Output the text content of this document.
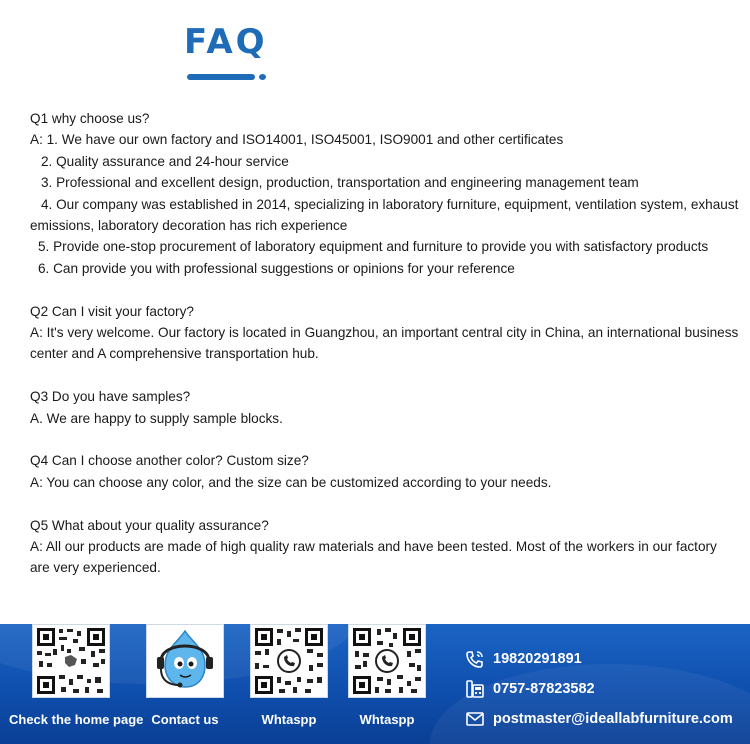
FAQ
Q1 why choose us?
A: 1. We have our own factory and ISO14001, ISO45001, ISO9001 and other certificates
2. Quality assurance and 24-hour service
3. Professional and excellent design, production, transportation and engineering management team
4. Our company was established in 2014, specializing in laboratory furniture, equipment, ventilation system, exhaust emissions, laboratory decoration has rich experience
5. Provide one-stop procurement of laboratory equipment and furniture to provide you with satisfactory products
6. Can provide you with professional suggestions or opinions for your reference
Q2 Can I visit your factory?
A: It's very welcome. Our factory is located in Guangzhou, an important central city in China, an international business center and A comprehensive transportation hub.
Q3 Do you have samples?
A. We are happy to supply sample blocks.
Q4 Can I choose another color? Custom size?
A: You can choose any color, and the size can be customized according to your needs.
Q5 What about your quality assurance?
A: All our products are made of high quality raw materials and have been tested. Most of the workers in our factory are very experienced.
Check the home page Contact us	Whtaspp	Whtaspp
19820291891
0757-87823582
postmaster@ideallabfurniture.com
